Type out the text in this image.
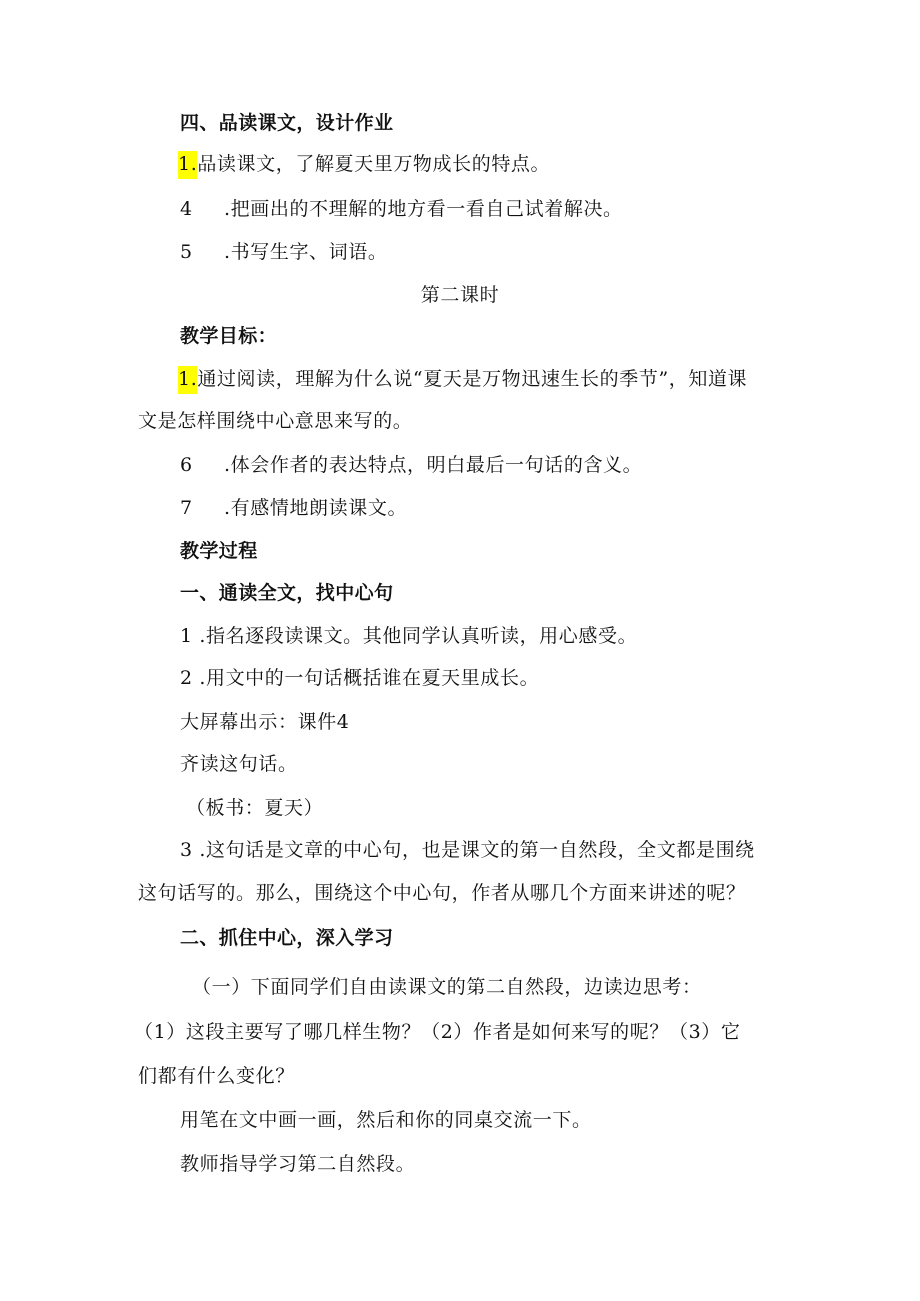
四、品读课文，设计作业
1.品读课文，了解夏天里万物成长的特点。
4 .把画出的不理解的地方看一看自己试着解决。
5 .书写生字、词语。
第二课时
教学目标：
1.通过阅读，理解为什么说“夏天是万物迅速生长的季节”，知道课
文是怎样围绕中心意思来写的。
6 .体会作者的表达特点，明白最后一句话的含义。
7 .有感情地朗读课文。
教学过程
一、通读全文，找中心句
1 .指名逐段读课文。其他同学认真听读，用心感受。
2 .用文中的一句话概括谁在夏天里成长。
大屏幕出示：课件4
齐读这句话。
（板书：夏天）
3 .这句话是文章的中心句，也是课文的第一自然段，全文都是围绕
这句话写的。那么，围绕这个中心句，作者从哪几个方面来讲述的呢？
二、抓住中心，深入学习
（一）下面同学们自由读课文的第二自然段，边读边思考：
（1）这段主要写了哪几样生物？（2）作者是如何来写的呢？（3）它
们都有什么变化？
用笔在文中画一画，然后和你的同桌交流一下。
教师指导学习第二自然段。
